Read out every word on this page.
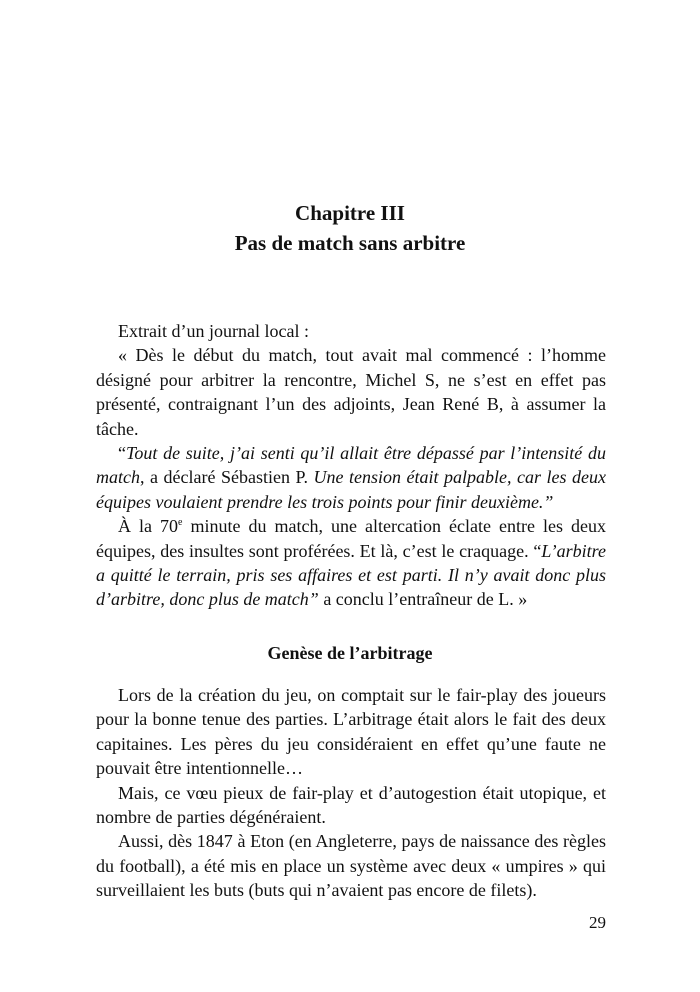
Chapitre III
Pas de match sans arbitre

Extrait d’un journal local :

« Dès le début du match, tout avait mal commencé : l’homme désigné pour arbitrer la rencontre, Michel S, ne s’est en effet pas présenté, contraignant l’un des adjoints, Jean René B, à assumer la tâche.

“Tout de suite, j’ai senti qu’il allait être dépassé par l’intensité du match, a déclaré Sébastien P. Une tension était palpable, car les deux équipes voulaient prendre les trois points pour finir deuxième.”

À la 70e minute du match, une altercation éclate entre les deux équipes, des insultes sont proférées. Et là, c’est le craquage. “L’arbitre a quitté le terrain, pris ses affaires et est parti. Il n’y avait donc plus d’arbitre, donc plus de match” a conclu l’entraîneur de L. »

Genèse de l’arbitrage

Lors de la création du jeu, on comptait sur le fair-play des joueurs pour la bonne tenue des parties. L’arbitrage était alors le fait des deux capitaines. Les pères du jeu considéraient en effet qu’une faute ne pouvait être intentionnelle…

Mais, ce vœu pieux de fair-play et d’autogestion était utopique, et nombre de parties dégénéraient.

Aussi, dès 1847 à Eton (en Angleterre, pays de naissance des règles du football), a été mis en place un système avec deux « umpires » qui surveillaient les buts (buts qui n’avaient pas encore de filets).

29
